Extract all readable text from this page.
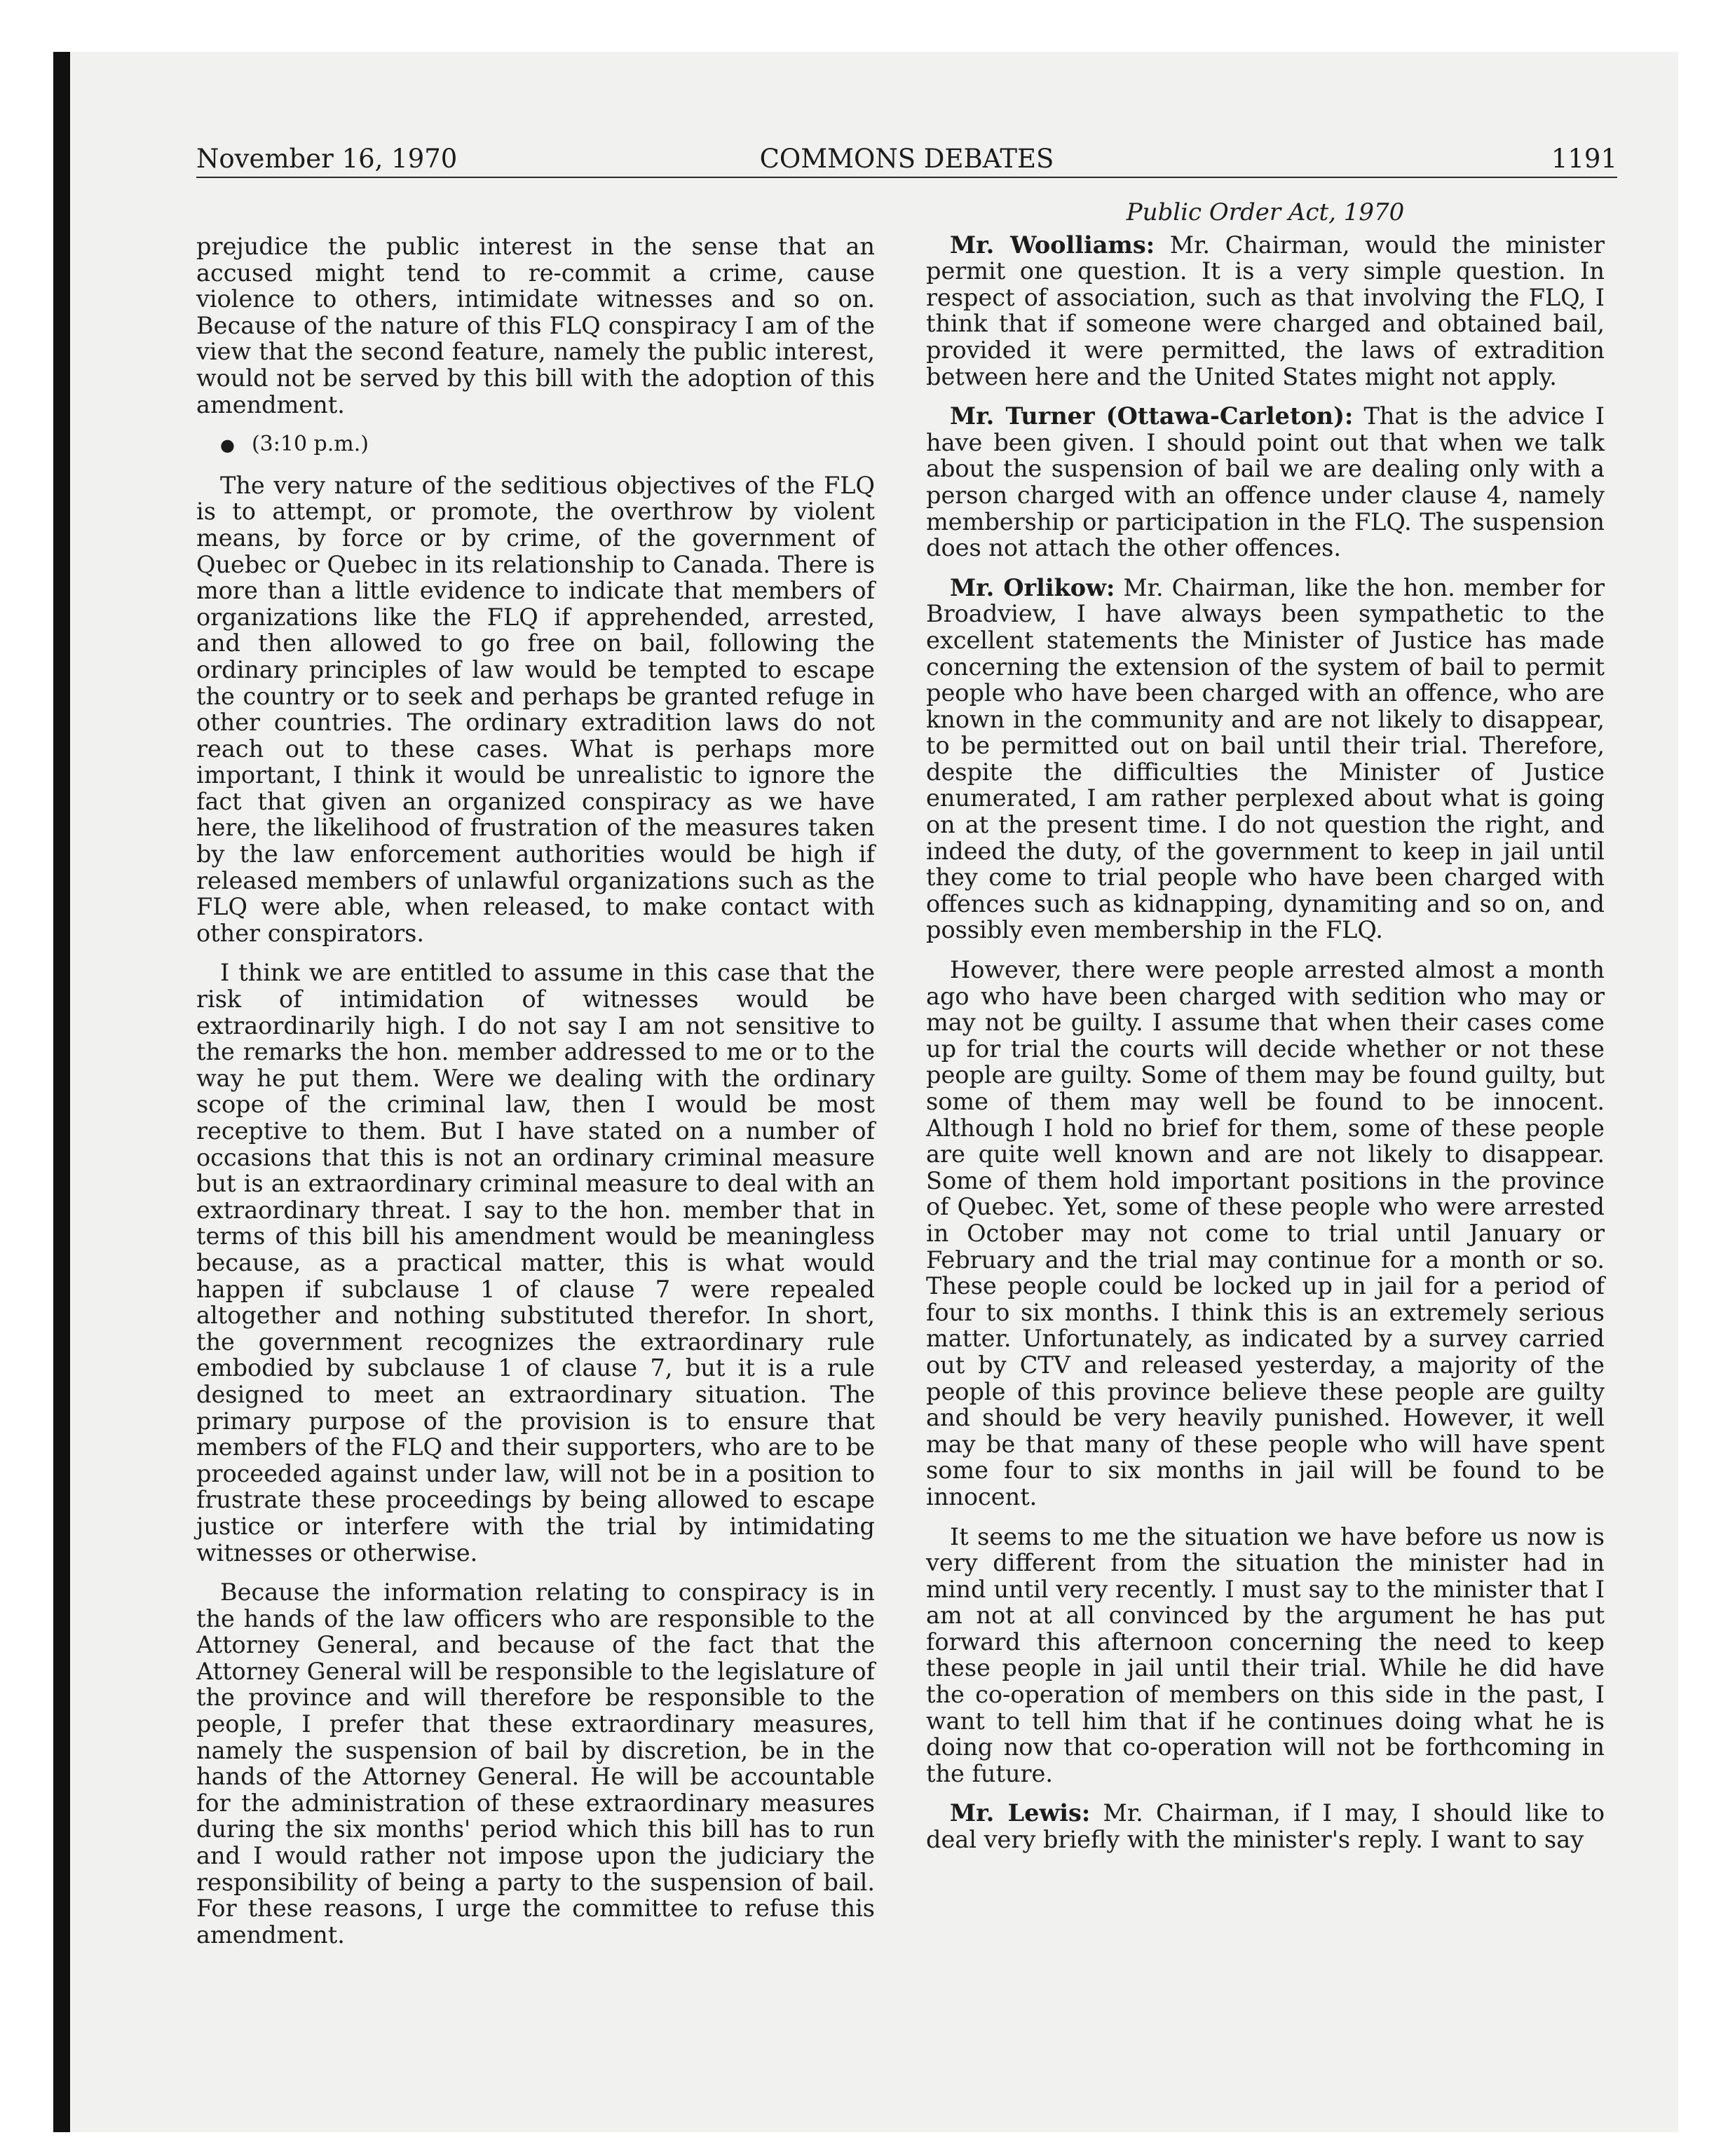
November 16, 1970	COMMONS DEBATES	1191

prejudice the public interest in the sense that an accused might tend to re-commit a crime, cause violence to others, intimidate witnesses and so on. Because of the nature of this FLQ conspiracy I am of the view that the second feature, namely the public interest, would not be served by this bill with the adoption of this amendment.

● (3:10 p.m.)

The very nature of the seditious objectives of the FLQ is to attempt, or promote, the overthrow by violent means, by force or by crime, of the government of Quebec or Quebec in its relationship to Canada. There is more than a little evidence to indicate that members of organizations like the FLQ if apprehended, arrested, and then allowed to go free on bail, following the ordinary principles of law would be tempted to escape the country or to seek and perhaps be granted refuge in other countries. The ordinary extradition laws do not reach out to these cases. What is perhaps more important, I think it would be unrealistic to ignore the fact that given an organized conspiracy as we have here, the likelihood of frustration of the measures taken by the law enforcement authorities would be high if released members of unlawful organizations such as the FLQ were able, when released, to make contact with other conspirators.

I think we are entitled to assume in this case that the risk of intimidation of witnesses would be extraordinarily high. I do not say I am not sensitive to the remarks the hon. member addressed to me or to the way he put them. Were we dealing with the ordinary scope of the criminal law, then I would be most receptive to them. But I have stated on a number of occasions that this is not an ordinary criminal measure but is an extraordinary criminal measure to deal with an extraordinary threat. I say to the hon. member that in terms of this bill his amendment would be meaningless because, as a practical matter, this is what would happen if subclause 1 of clause 7 were repealed altogether and nothing substituted therefor. In short, the government recognizes the extraordinary rule embodied by subclause 1 of clause 7, but it is a rule designed to meet an extraordinary situation. The primary purpose of the provision is to ensure that members of the FLQ and their supporters, who are to be proceeded against under law, will not be in a position to frustrate these proceedings by being allowed to escape justice or interfere with the trial by intimidating witnesses or otherwise.

Because the information relating to conspiracy is in the hands of the law officers who are responsible to the Attorney General, and because of the fact that the Attorney General will be responsible to the legislature of the province and will therefore be responsible to the people, I prefer that these extraordinary measures, namely the suspension of bail by discretion, be in the hands of the Attorney General. He will be accountable for the administration of these extraordinary measures during the six months' period which this bill has to run and I would rather not impose upon the judiciary the responsibility of being a party to the suspension of bail. For these reasons, I urge the committee to refuse this amendment.

Public Order Act, 1970

Mr. Woolliams: Mr. Chairman, would the minister permit one question. It is a very simple question. In respect of association, such as that involving the FLQ, I think that if someone were charged and obtained bail, provided it were permitted, the laws of extradition between here and the United States might not apply.

Mr. Turner (Ottawa-Carleton): That is the advice I have been given. I should point out that when we talk about the suspension of bail we are dealing only with a person charged with an offence under clause 4, namely membership or participation in the FLQ. The suspension does not attach the other offences.

Mr. Orlikow: Mr. Chairman, like the hon. member for Broadview, I have always been sympathetic to the excellent statements the Minister of Justice has made concerning the extension of the system of bail to permit people who have been charged with an offence, who are known in the community and are not likely to disappear, to be permitted out on bail until their trial. Therefore, despite the difficulties the Minister of Justice enumerated, I am rather perplexed about what is going on at the present time. I do not question the right, and indeed the duty, of the government to keep in jail until they come to trial people who have been charged with offences such as kidnapping, dynamiting and so on, and possibly even membership in the FLQ.

However, there were people arrested almost a month ago who have been charged with sedition who may or may not be guilty. I assume that when their cases come up for trial the courts will decide whether or not these people are guilty. Some of them may be found guilty, but some of them may well be found to be innocent. Although I hold no brief for them, some of these people are quite well known and are not likely to disappear. Some of them hold important positions in the province of Quebec. Yet, some of these people who were arrested in October may not come to trial until January or February and the trial may continue for a month or so. These people could be locked up in jail for a period of four to six months. I think this is an extremely serious matter. Unfortunately, as indicated by a survey carried out by CTV and released yesterday, a majority of the people of this province believe these people are guilty and should be very heavily punished. However, it well may be that many of these people who will have spent some four to six months in jail will be found to be innocent.

It seems to me the situation we have before us now is very different from the situation the minister had in mind until very recently. I must say to the minister that I am not at all convinced by the argument he has put forward this afternoon concerning the need to keep these people in jail until their trial. While he did have the co-operation of members on this side in the past, I want to tell him that if he continues doing what he is doing now that co-operation will not be forthcoming in the future.

Mr. Lewis: Mr. Chairman, if I may, I should like to deal very briefly with the minister's reply. I want to say
